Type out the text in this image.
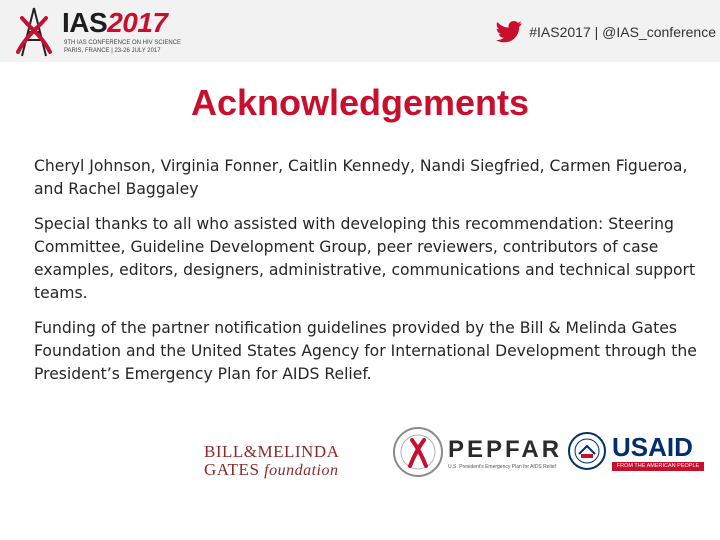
IAS2017
9TH IAS CONFERENCE ON HIV SCIENCE
PARIS, FRANCE | 23-26 JULY 2017
#IAS2017 | @IAS_conference
Acknowledgements

Cheryl Johnson, Virginia Fonner, Caitlin Kennedy, Nandi Siegfried, Carmen Figueroa, and Rachel Baggaley

Special thanks to all who assisted with developing this recommendation: Steering Committee, Guideline Development Group, peer reviewers, contributors of case examples, editors, designers, administrative, communications and technical support teams.

Funding of the partner notification guidelines provided by the Bill & Melinda Gates Foundation and the United States Agency for International Development through the President’s Emergency Plan for AIDS Relief.

BILL&MELINDA
GATES foundation
PEPFAR
U.S. President's Emergency Plan for AIDS Relief
USAID
FROM THE AMERICAN PEOPLE
